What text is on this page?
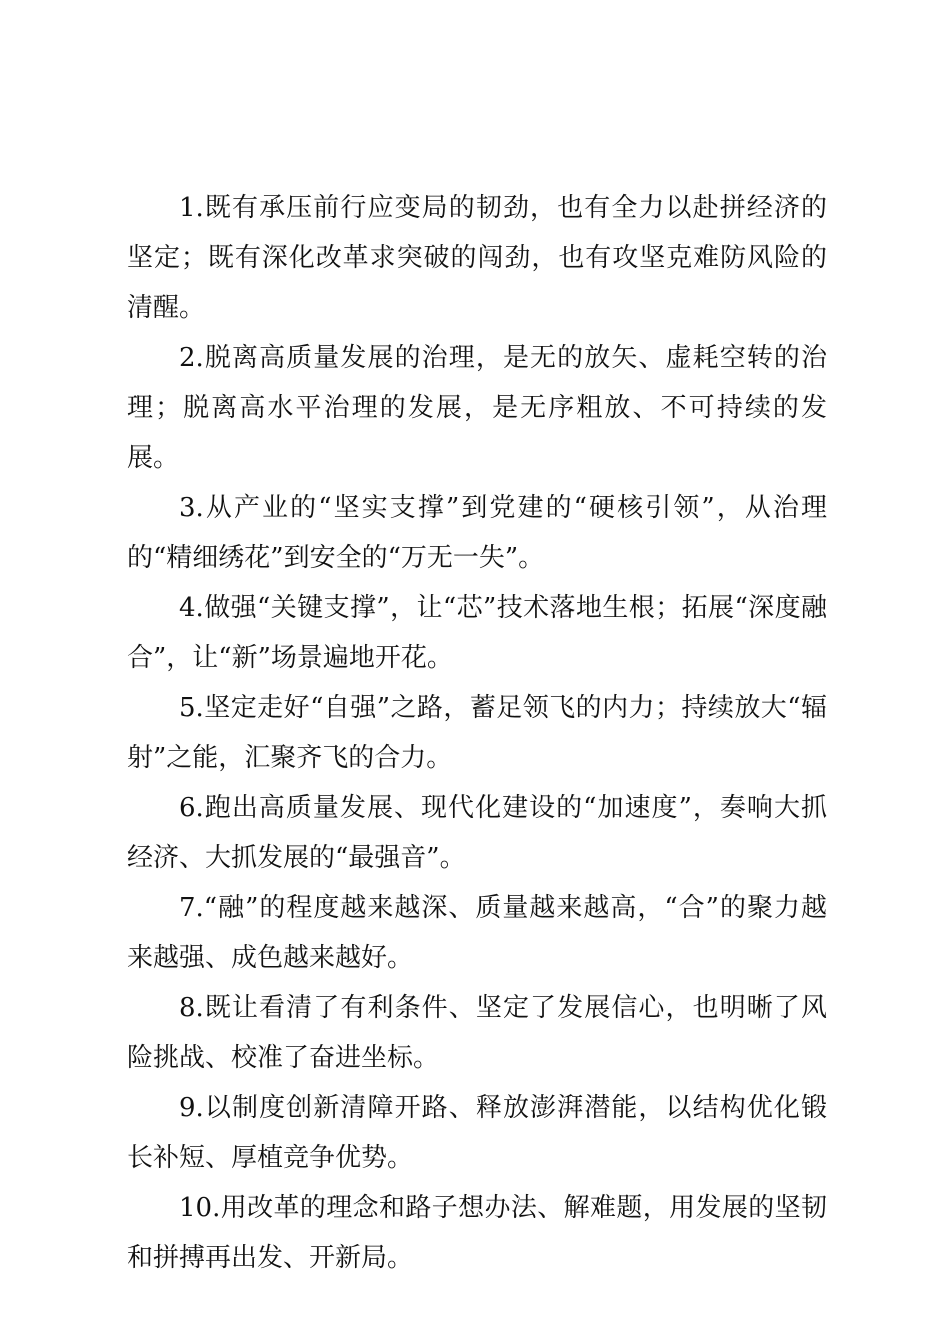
1.既有承压前行应变局的韧劲，也有全力以赴拼经济的坚定；既有深化改革求突破的闯劲，也有攻坚克难防风险的清醒。

2.脱离高质量发展的治理，是无的放矢、虚耗空转的治理；脱离高水平治理的发展，是无序粗放、不可持续的发展。

3.从产业的“坚实支撑”到党建的“硬核引领”，从治理的“精细绣花”到安全的“万无一失”。

4.做强“关键支撑”，让“芯”技术落地生根；拓展“深度融合”，让“新”场景遍地开花。

5.坚定走好“自强”之路，蓄足领飞的内力；持续放大“辐射”之能，汇聚齐飞的合力。

6.跑出高质量发展、现代化建设的“加速度”，奏响大抓经济、大抓发展的“最强音”。

7.“融”的程度越来越深、质量越来越高，“合”的聚力越来越强、成色越来越好。

8.既让看清了有利条件、坚定了发展信心，也明晰了风险挑战、校准了奋进坐标。

9.以制度创新清障开路、释放澎湃潜能，以结构优化锻长补短、厚植竞争优势。

10.用改革的理念和路子想办法、解难题，用发展的坚韧和拼搏再出发、开新局。
